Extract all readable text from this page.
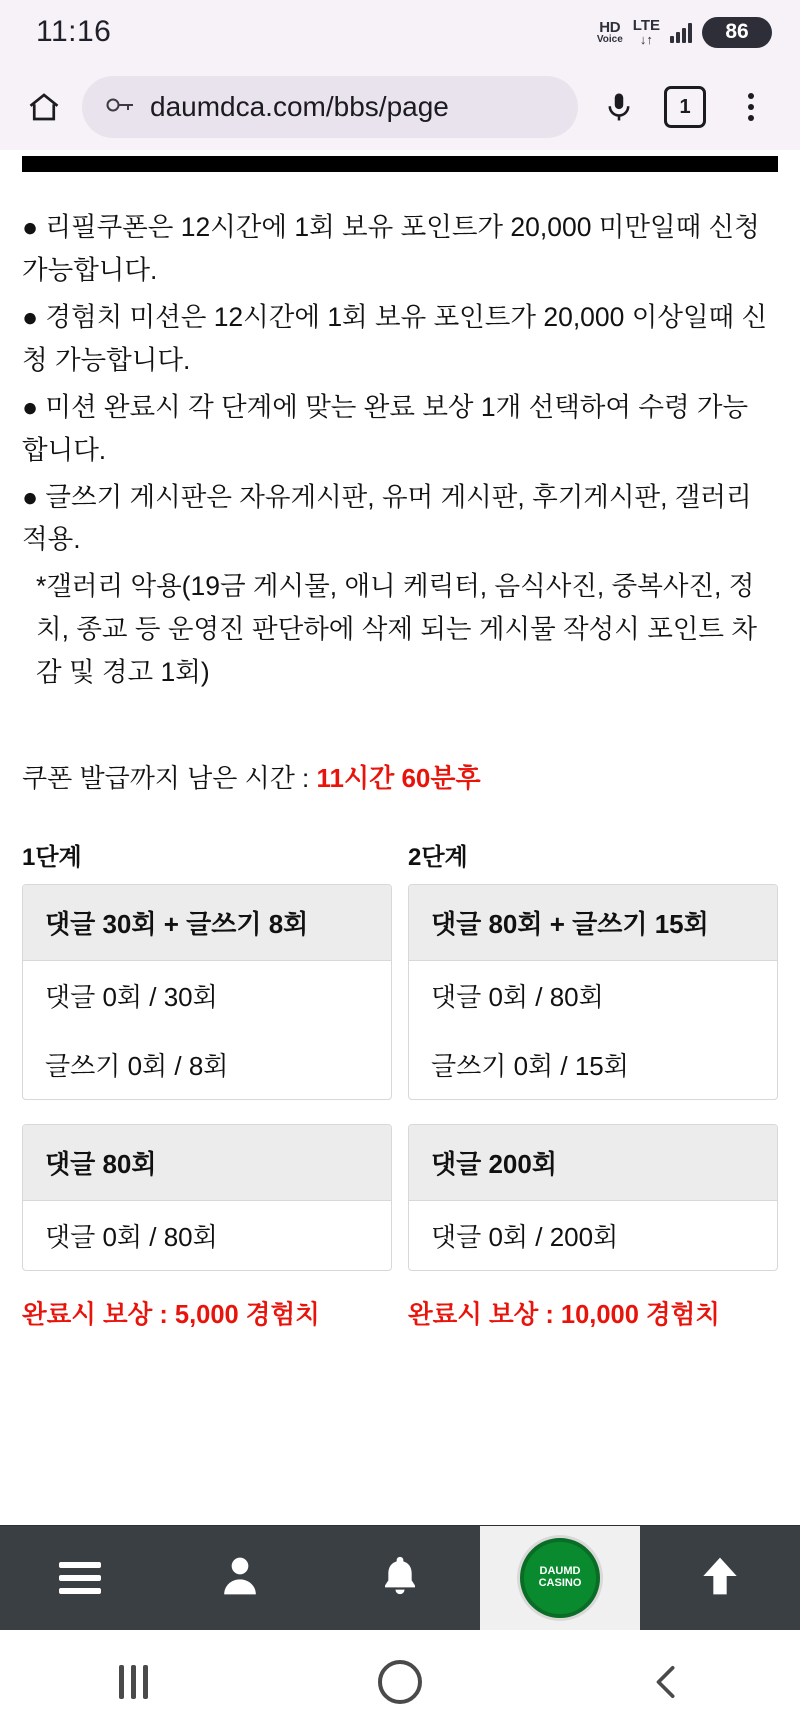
11:16	HD
Voice
LTE
↓↑	86
daumdca.com/bbs/page	1

● 리필쿠폰은 12시간에 1회 보유 포인트가 20,000 미만일때 신청 가능합니다.

● 경험치 미션은 12시간에 1회 보유 포인트가 20,000 이상일때 신청 가능합니다.

● 미션 완료시 각 단계에 맞는 완료 보상 1개 선택하여 수령 가능 합니다.

● 글쓰기 게시판은 자유게시판, 유머 게시판, 후기게시판, 갤러리 적용.

*갤러리 악용(19금 게시물, 애니 케릭터, 음식사진, 중복사진, 정치, 종교 등 운영진 판단하에 삭제 되는 게시물 작성시 포인트 차감 및 경고 1회)

쿠폰 발급까지 남은 시간 : 11시간 60분후
1단계
댓글 30회 + 글쓰기 8회
댓글 0회 / 30회
글쓰기 0회 / 8회
댓글 80회
댓글 0회 / 80회
완료시 보상 : 5,000 경험치
2단계
댓글 80회 + 글쓰기 15회
댓글 0회 / 80회
글쓰기 0회 / 15회
댓글 200회
댓글 0회 / 200회
완료시 보상 : 10,000 경험치
DAUMD
CASINO
